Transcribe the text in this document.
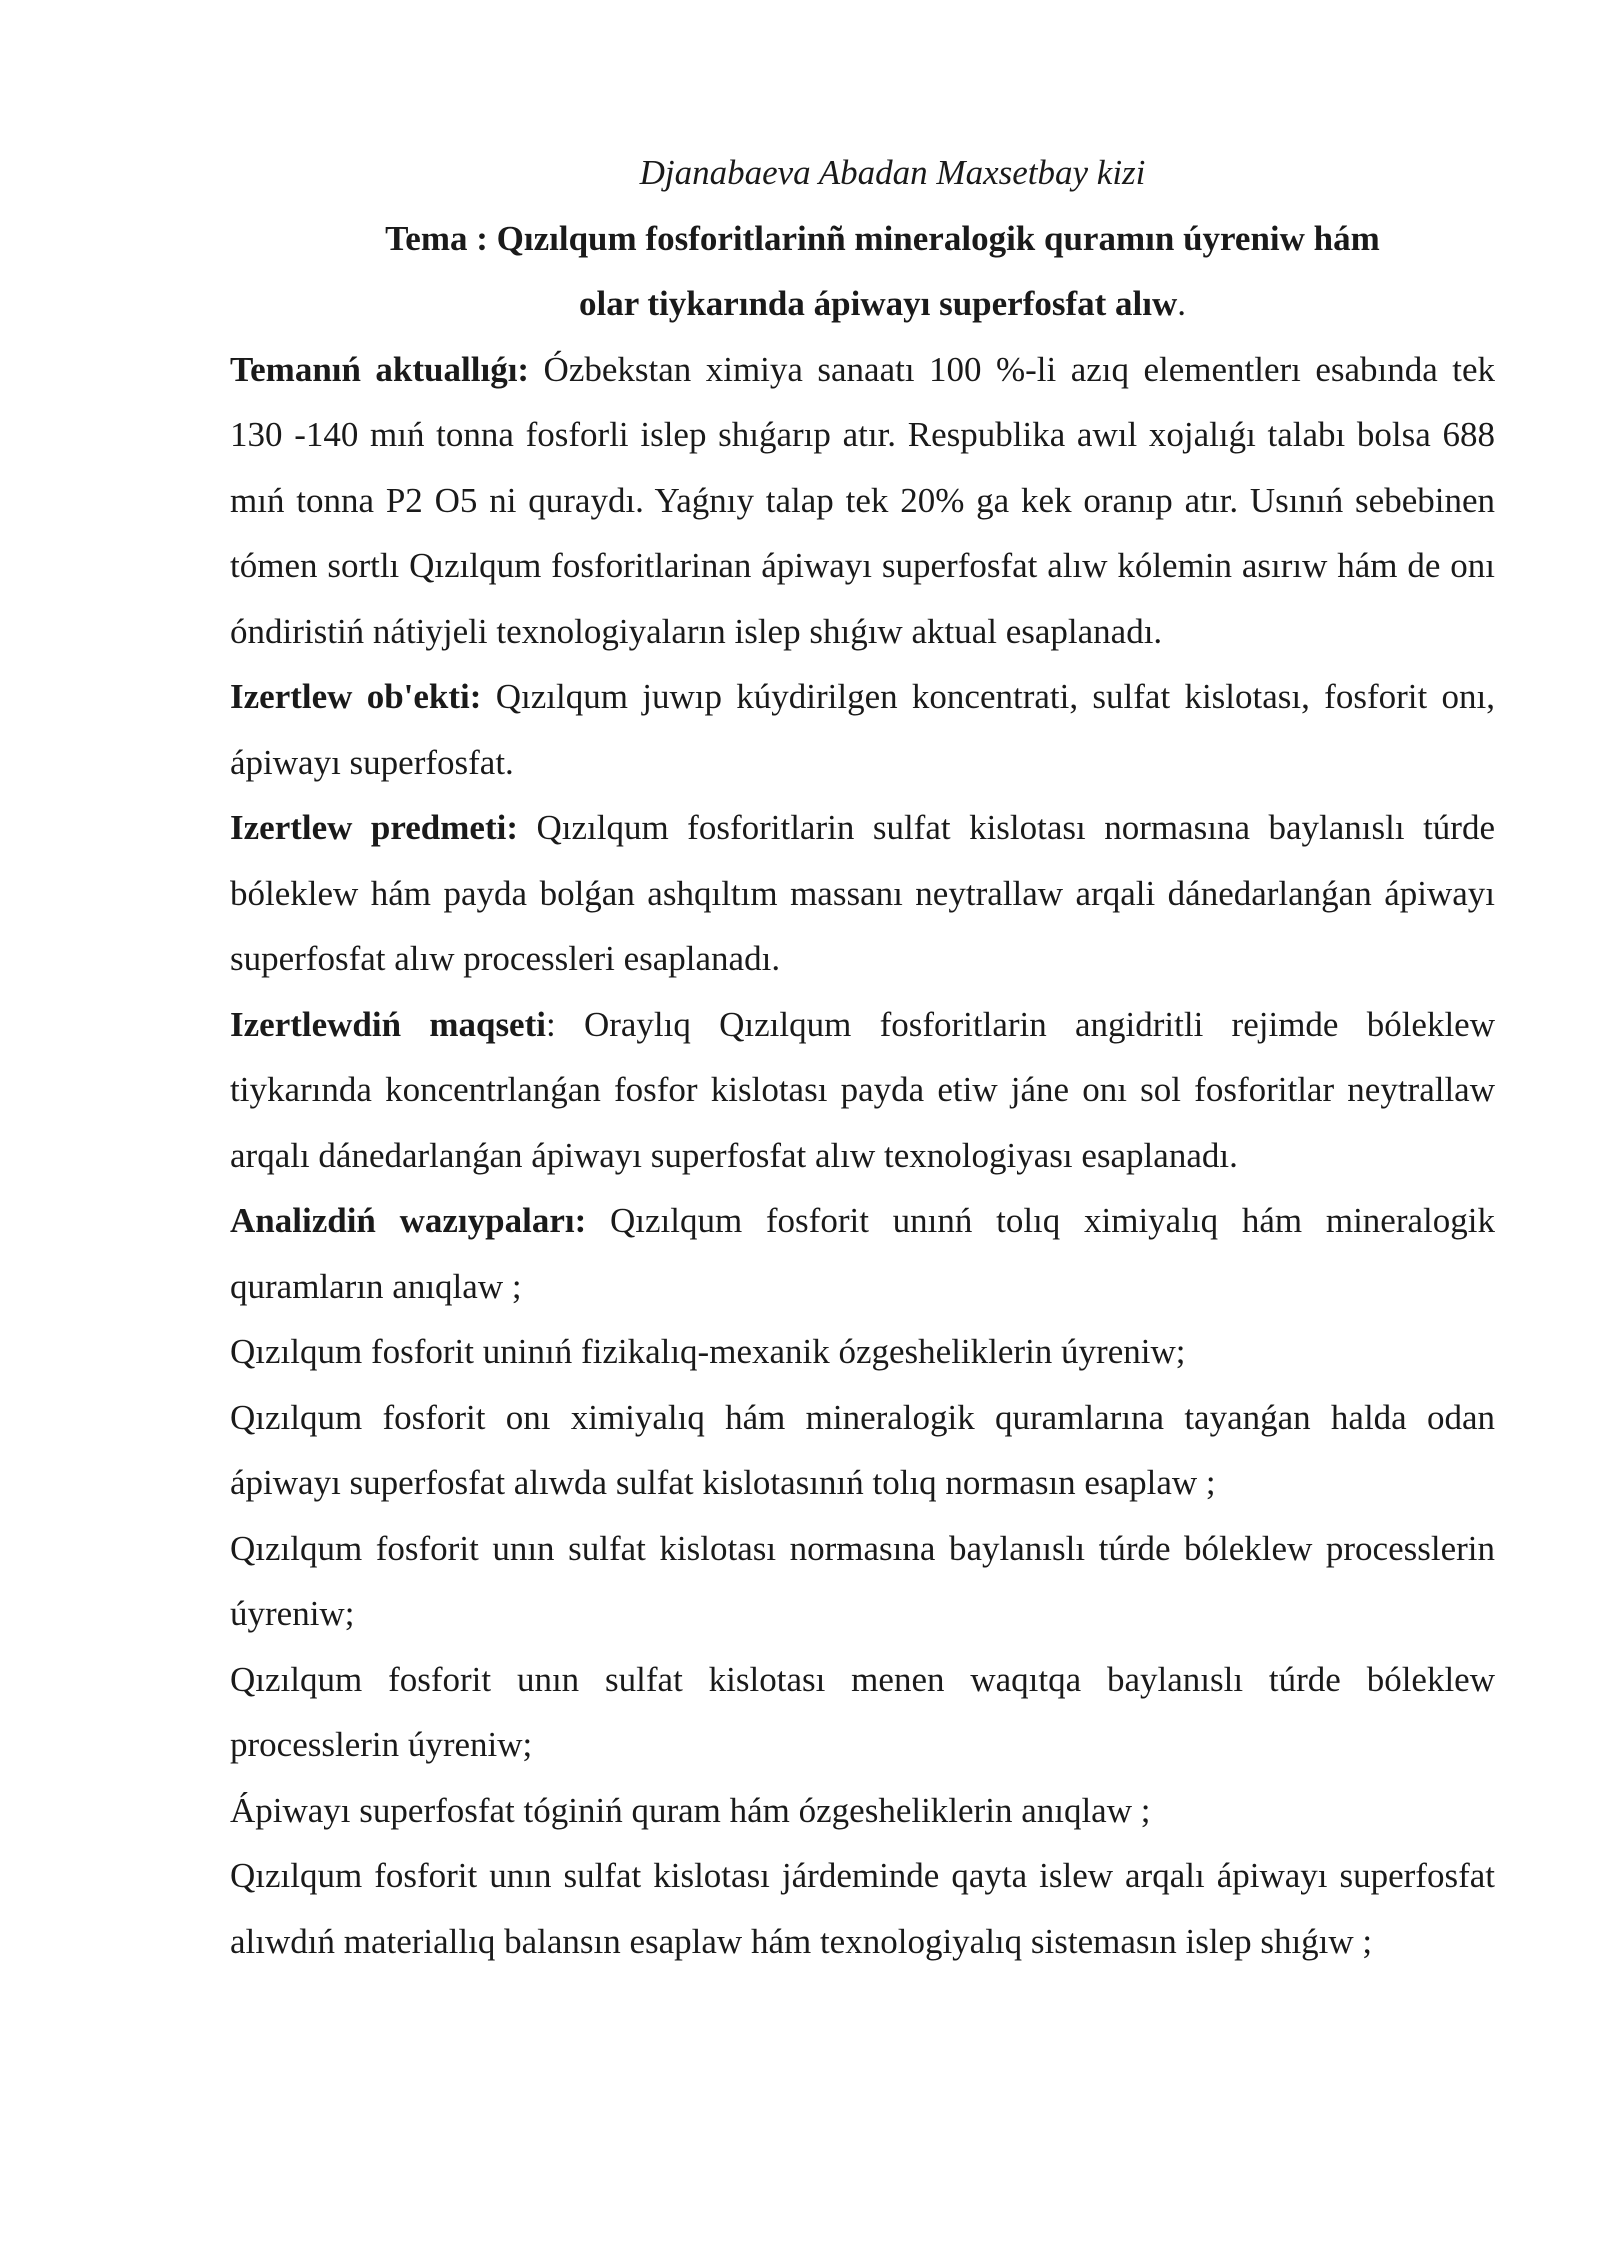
Djanabaeva Abadan Maxsetbay kizi

Tema : Qızılqum fosforitlarinñ mineralogik quramın úyreniw hám
olar tiykarında ápiwayı superfosfat alıw.

Temanıń aktuallıǵı: Ózbekstan ximiya sanaatı 100 %-li azıq elementlerı esabında tek 130 -140 mıń tonna fosforli islep shıǵarıp atır. Respublika awıl xojalıǵı talabı bolsa 688 mıń tonna P2 O5 ni quraydı. Yaǵnıy talap tek 20% ga kek oranıp atır. Usınıń sebebinen tómen sortlı Qızılqum fosforitlarinan ápiwayı superfosfat alıw kólemin asırıw hám de onı óndiristiń nátiyjeli texnologiyaların islep shıǵıw aktual esaplanadı.

Izertlew ob'ekti: Qızılqum juwıp kúydirilgen koncentrati, sulfat kislotası, fosforit onı, ápiwayı superfosfat.

Izertlew predmeti: Qızılqum fosforitlarin sulfat kislotası normasına baylanıslı túrde bóleklew hám payda bolǵan ashqıltım massanı neytrallaw arqali dánedarlanǵan ápiwayı superfosfat alıw processleri esaplanadı.

Izertlewdiń maqseti: Oraylıq Qızılqum fosforitlarin angidritli rejimde bóleklew tiykarında koncentrlanǵan fosfor kislotası payda etiw jáne onı sol fosforitlar neytrallaw arqalı dánedarlanǵan ápiwayı superfosfat alıw texnologiyası esaplanadı.

Analizdiń wazıypaları: Qızılqum fosforit unınń tolıq ximiyalıq hám mineralogik quramların anıqlaw ;

Qızılqum fosforit uninıń fizikalıq-mexanik ózgesheliklerin úyreniw;

Qızılqum fosforit onı ximiyalıq hám mineralogik quramlarına tayanǵan halda odan ápiwayı superfosfat alıwda sulfat kislotasınıń tolıq normasın esaplaw ;

Qızılqum fosforit unın sulfat kislotası normasına baylanıslı túrde bóleklew processlerin úyreniw;

Qızılqum fosforit unın sulfat kislotası menen waqıtqa baylanıslı túrde bóleklew processlerin úyreniw;

Ápiwayı superfosfat tóginiń quram hám ózgesheliklerin anıqlaw ;

Qızılqum fosforit unın sulfat kislotası járdeminde qayta islew arqalı ápiwayı superfosfat alıwdıń materiallıq balansın esaplaw hám texnologiyalıq sistemasın islep shıǵıw ;
